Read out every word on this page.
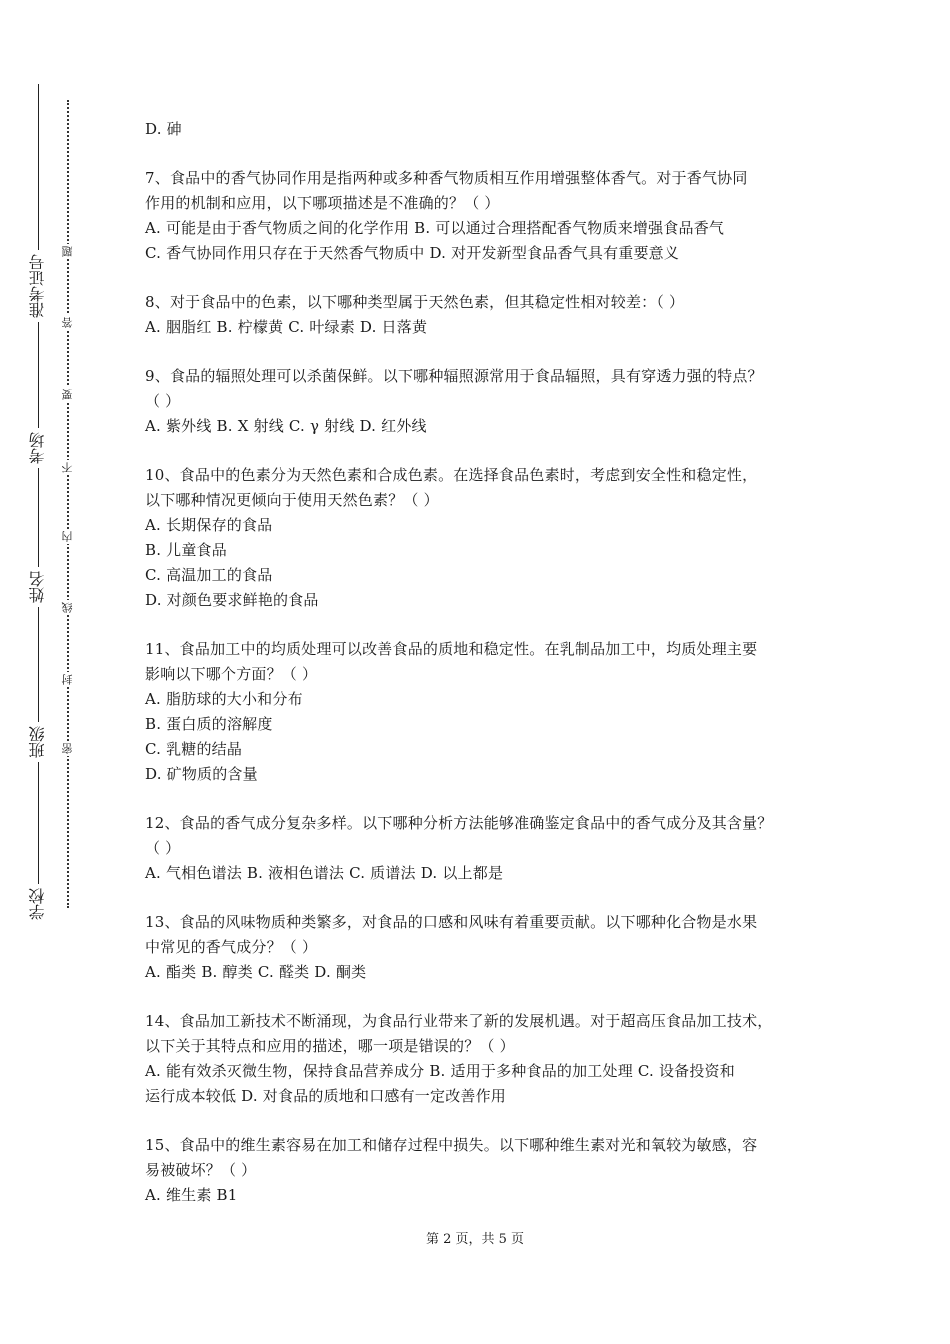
学校
班级
姓名
考场
准考证号
密
封
线
内
不
要
答
题
D. 砷
7、食品中的香气协同作用是指两种或多种香气物质相互作用增强整体香气。对于香气协同
作用的机制和应用，以下哪项描述是不准确的？（ ）
A. 可能是由于香气物质之间的化学作用 B. 可以通过合理搭配香气物质来增强食品香气
C. 香气协同作用只存在于天然香气物质中 D. 对开发新型食品香气具有重要意义
8、对于食品中的色素，以下哪种类型属于天然色素，但其稳定性相对较差：（ ）
A. 胭脂红 B. 柠檬黄 C. 叶绿素 D. 日落黄
9、食品的辐照处理可以杀菌保鲜。以下哪种辐照源常用于食品辐照，具有穿透力强的特点？
（ ）
A. 紫外线 B. X 射线 C. γ 射线 D. 红外线
10、食品中的色素分为天然色素和合成色素。在选择食品色素时，考虑到安全性和稳定性，
以下哪种情况更倾向于使用天然色素？（ ）
A. 长期保存的食品
B. 儿童食品
C. 高温加工的食品
D. 对颜色要求鲜艳的食品
11、食品加工中的均质处理可以改善食品的质地和稳定性。在乳制品加工中，均质处理主要
影响以下哪个方面？（ ）
A. 脂肪球的大小和分布
B. 蛋白质的溶解度
C. 乳糖的结晶
D. 矿物质的含量
12、食品的香气成分复杂多样。以下哪种分析方法能够准确鉴定食品中的香气成分及其含量？
（ ）
A. 气相色谱法 B. 液相色谱法 C. 质谱法 D. 以上都是
13、食品的风味物质种类繁多，对食品的口感和风味有着重要贡献。以下哪种化合物是水果
中常见的香气成分？（ ）
A. 酯类 B. 醇类 C. 醛类 D. 酮类
14、食品加工新技术不断涌现，为食品行业带来了新的发展机遇。对于超高压食品加工技术，
以下关于其特点和应用的描述，哪一项是错误的？（ ）
A. 能有效杀灭微生物，保持食品营养成分 B. 适用于多种食品的加工处理 C. 设备投资和
运行成本较低 D. 对食品的质地和口感有一定改善作用
15、食品中的维生素容易在加工和储存过程中损失。以下哪种维生素对光和氧较为敏感，容
易被破坏？（ ）
A. 维生素 B1
第 2 页，共 5 页
